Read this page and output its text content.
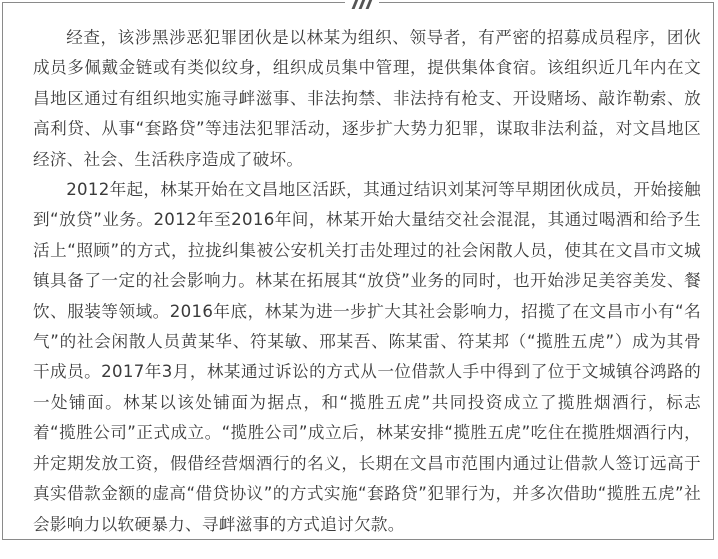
经查，该涉黑涉恶犯罪团伙是以林某为组织、领导者，有严密的招募成员程序，团伙成员多佩戴金链或有类似纹身，组织成员集中管理，提供集体食宿。该组织近几年内在文昌地区通过有组织地实施寻衅滋事、非法拘禁、非法持有枪支、开设赌场、敲诈勒索、放高利贷、从事“套路贷”等违法犯罪活动，逐步扩大势力犯罪，谋取非法利益，对文昌地区经济、社会、生活秩序造成了破坏。

2012年起，林某开始在文昌地区活跃，其通过结识刘某河等早期团伙成员，开始接触到“放贷”业务。2012年至2016年间，林某开始大量结交社会混混，其通过喝酒和给予生活上“照顾”的方式，拉拢纠集被公安机关打击处理过的社会闲散人员，使其在文昌市文城镇具备了一定的社会影响力。林某在拓展其“放贷”业务的同时，也开始涉足美容美发、餐饮、服装等领域。2016年底，林某为进一步扩大其社会影响力，招揽了在文昌市小有“名气”的社会闲散人员黄某华、符某敏、邢某吾、陈某雷、符某邦（“揽胜五虎”）成为其骨干成员。2017年3月，林某通过诉讼的方式从一位借款人手中得到了位于文城镇谷鸿路的一处铺面。林某以该处铺面为据点，和“揽胜五虎”共同投资成立了揽胜烟酒行，标志着“揽胜公司”正式成立。“揽胜公司”成立后，林某安排“揽胜五虎”吃住在揽胜烟酒行内，并定期发放工资，假借经营烟酒行的名义，长期在文昌市范围内通过让借款人签订远高于真实借款金额的虚高“借贷协议”的方式实施“套路贷”犯罪行为，并多次借助“揽胜五虎”社会影响力以软硬暴力、寻衅滋事的方式追讨欠款。
